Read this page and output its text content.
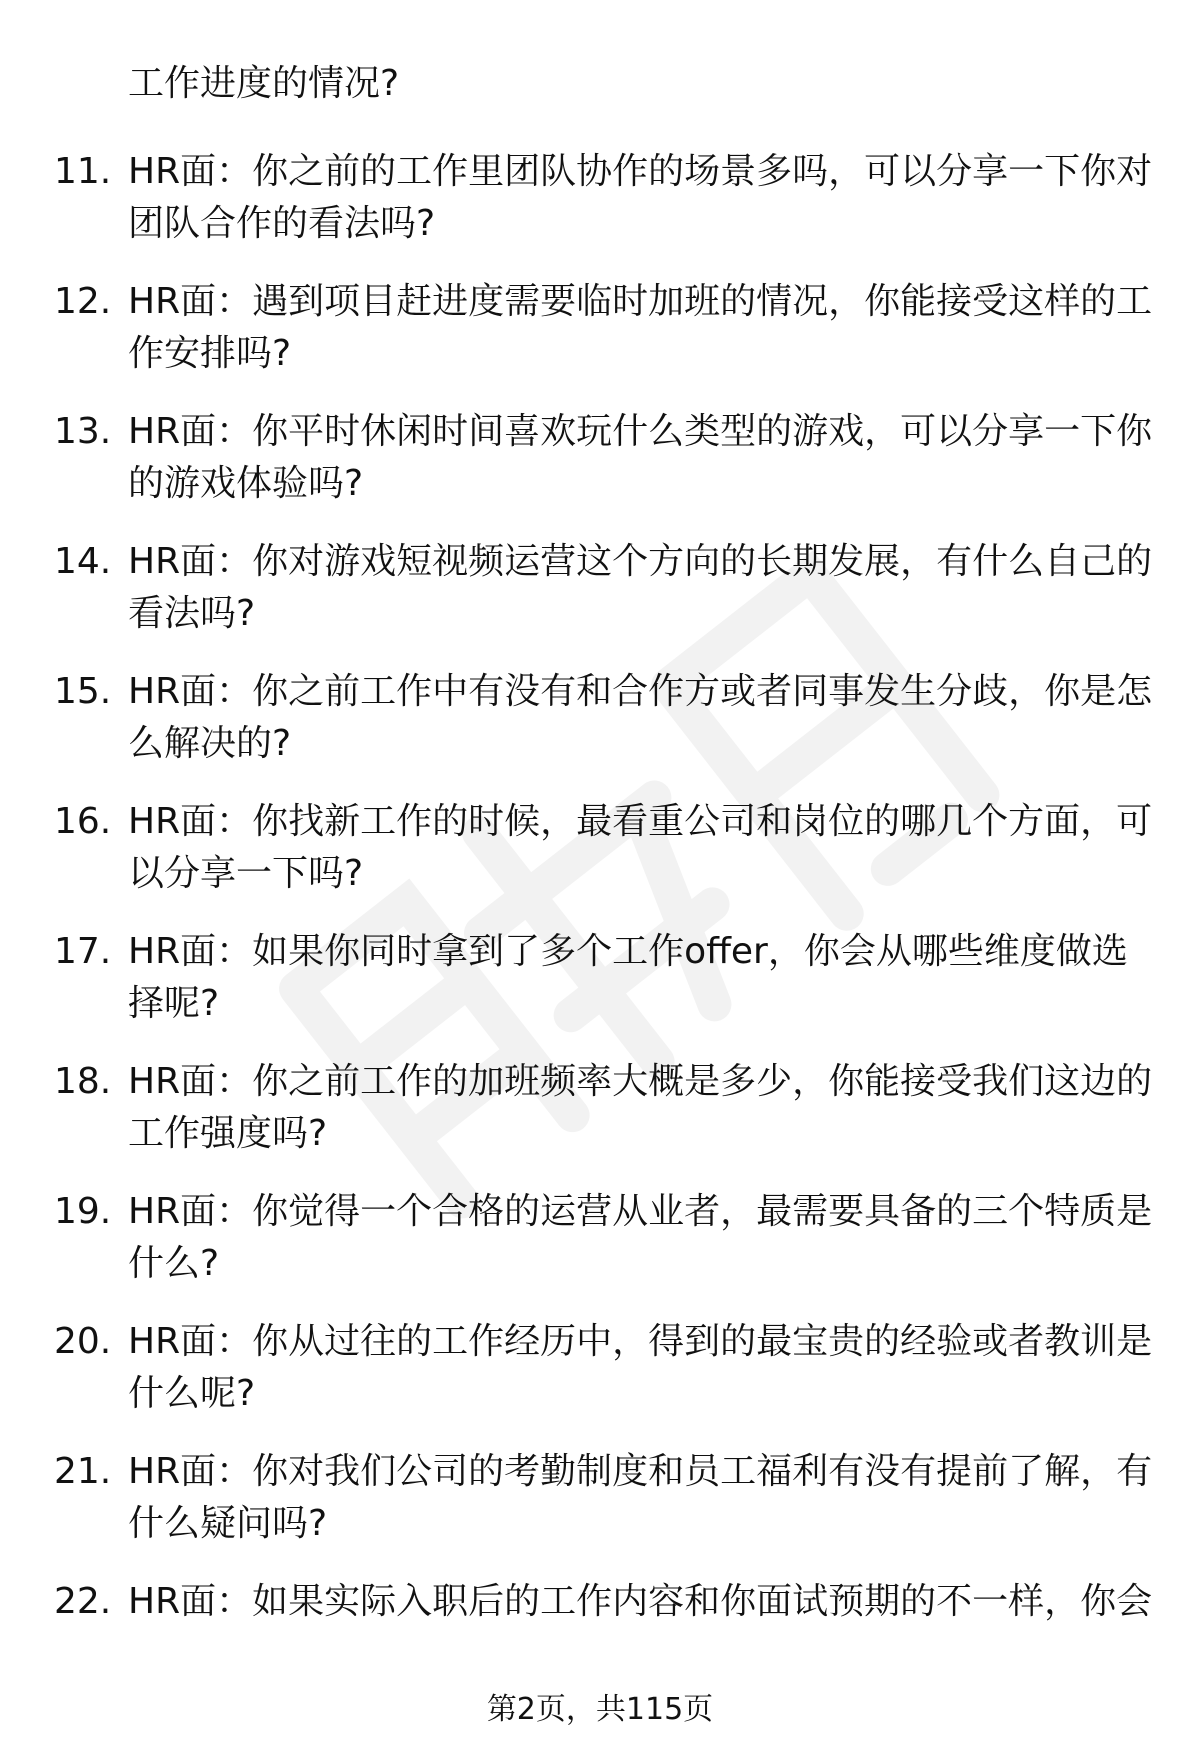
工作进度的情况?
11. HR面：你之前的工作里团队协作的场景多吗，可以分享一下你对
团队合作的看法吗?
12. HR面：遇到项目赶进度需要临时加班的情况，你能接受这样的工
作安排吗?
13. HR面：你平时休闲时间喜欢玩什么类型的游戏，可以分享一下你
的游戏体验吗?
14. HR面：你对游戏短视频运营这个方向的长期发展，有什么自己的
看法吗?
15. HR面：你之前工作中有没有和合作方或者同事发生分歧，你是怎
么解决的?
16. HR面：你找新工作的时候，最看重公司和岗位的哪几个方面，可
以分享一下吗?
17. HR面：如果你同时拿到了多个工作offer，你会从哪些维度做选
择呢?
18. HR面：你之前工作的加班频率大概是多少，你能接受我们这边的
工作强度吗?
19. HR面：你觉得一个合格的运营从业者，最需要具备的三个特质是
什么?
20. HR面：你从过往的工作经历中，得到的最宝贵的经验或者教训是
什么呢?
21. HR面：你对我们公司的考勤制度和员工福利有没有提前了解，有
什么疑问吗?
22. HR面：如果实际入职后的工作内容和你面试预期的不一样，你会
第2页，共115页
